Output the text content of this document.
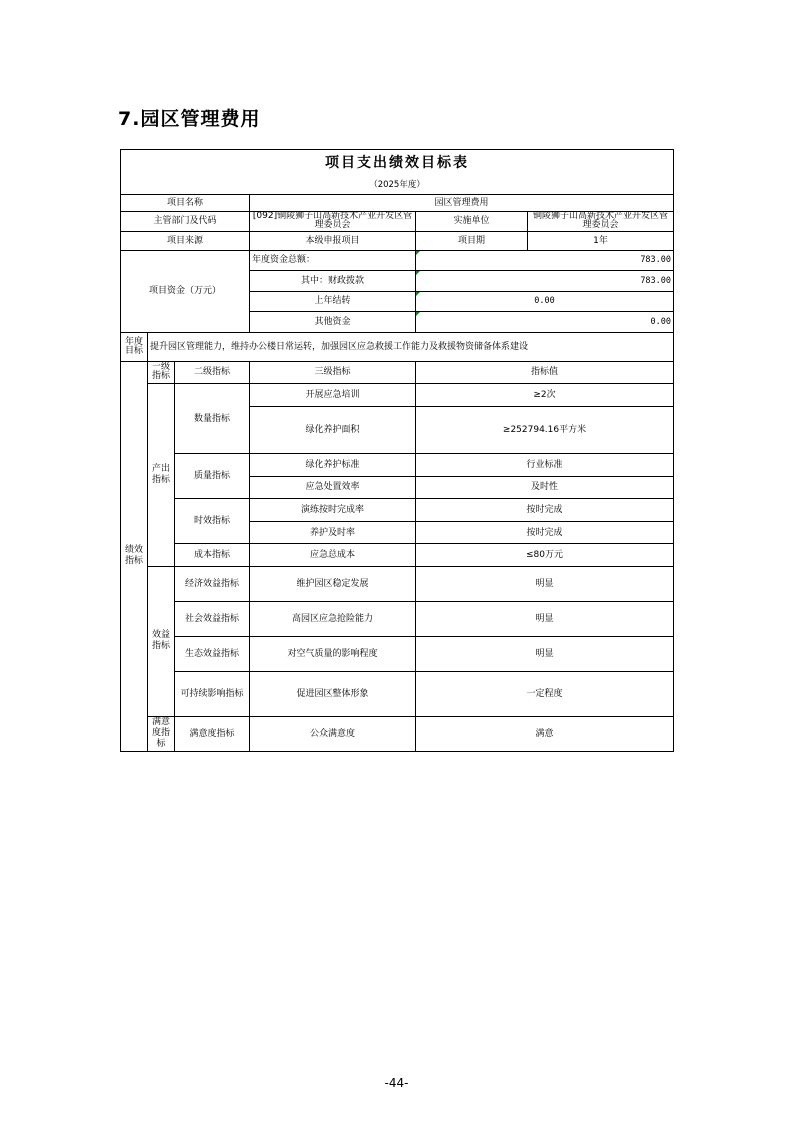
7.园区管理费用
项目支出绩效目标表					
（2025年度）					
项目名称			园区管理费用		
主管部门及代码			[092]铜陵狮子山高新技术产业开发区管理委员会	实施单位	铜陵狮子山高新技术产业开发区管理委员会
项目来源			本级申报项目	项目期	1年
项目资金（万元）			年度资金总额：	783.00	
			其中：财政拨款	783.00	
			上年结转	0.00	
			其他资金	0.00	
年度目标	提升园区管理能力，维持办公楼日常运转，加强园区应急救援工作能力及救援物资储备体系建设				
绩效指标	一级指标	二级指标	三级指标	指标值	
	产出指标	数量指标	开展应急培训	≥2次	
			绿化养护面积	≥252794.16平方米	
		质量指标	绿化养护标准	行业标准	
			应急处置效率	及时性	
		时效指标	演练按时完成率	按时完成	
			养护及时率	按时完成	
		成本指标	应急总成本	≤80万元	
	效益指标	经济效益指标	维护园区稳定发展	明显	
		社会效益指标	高园区应急抢险能力	明显	
		生态效益指标	对空气质量的影响程度	明显	
		可持续影响指标	促进园区整体形象	一定程度	
	满意度指标	满意度指标	公众满意度	满意	
-44-
